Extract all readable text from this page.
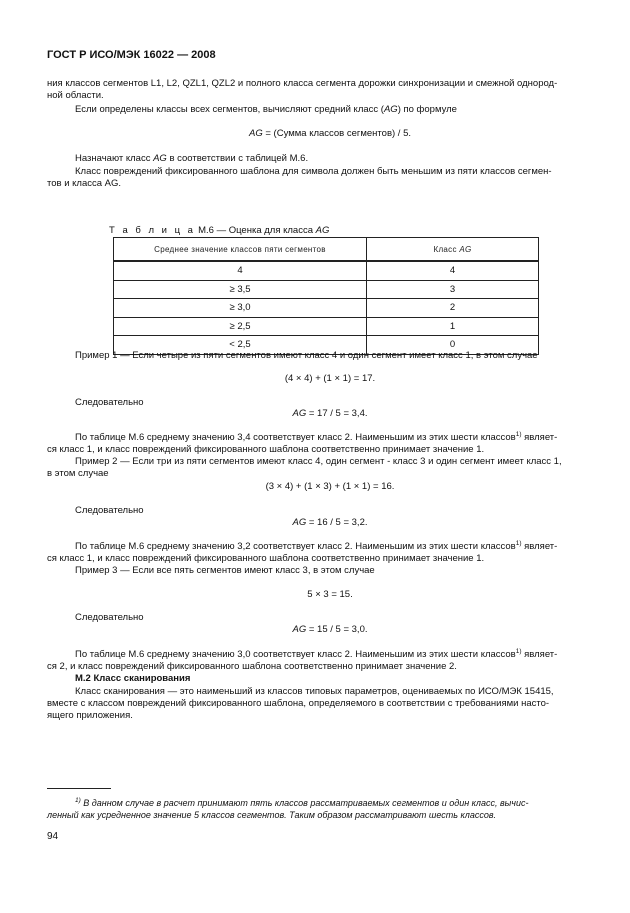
ГОСТ Р ИСО/МЭК 16022 — 2008
ния классов сегментов L1, L2, QZL1, QZL2 и полного класса сегмента дорожки синхронизации и смежной однород-
ной области.
Если определены классы всех сегментов, вычисляют средний класс (AG) по формуле
AG = (Сумма классов сегментов) / 5.
Назначают класс AG в соответствии с таблицей М.6.
Класс повреждений фиксированного шаблона для символа должен быть меньшим из пяти классов сегмен-
тов и класса AG.
Т а б л и ц а М.6 — Оценка для класса AG
Среднее значение классов пяти сегментов	Класс AG
4	4
≥ 3,5	3
≥ 3,0	2
≥ 2,5	1
< 2,5	0
Пример 1 — Если четыре из пяти сегментов имеют класс 4 и один сегмент имеет класс 1, в этом случае
(4 × 4) + (1 × 1) = 17.
Следовательно
AG = 17 / 5 = 3,4.
По таблице М.6 среднему значению 3,4 соответствует класс 2. Наименьшим из этих шести классов$^{1)}$ являет-
ся класс 1, и класс повреждений фиксированного шаблона соответственно принимает значение 1.
Пример 2 — Если три из пяти сегментов имеют класс 4, один сегмент - класс 3 и один сегмент имеет класс 1,
в этом случае
(3 × 4) + (1 × 3) + (1 × 1) = 16.
Следовательно
AG = 16 / 5 = 3,2.
По таблице М.6 среднему значению 3,2 соответствует класс 2. Наименьшим из этих шести классов$^{1)}$ являет-
ся класс 1, и класс повреждений фиксированного шаблона соответственно принимает значение 1.
Пример 3 — Если все пять сегментов имеют класс 3, в этом случае
5 × 3 = 15.
Следовательно
AG = 15 / 5 = 3,0.
По таблице М.6 среднему значению 3,0 соответствует класс 2. Наименьшим из этих шести классов$^{1)}$ являет-
ся 2, и класс повреждений фиксированного шаблона соответственно принимает значение 2.
М.2 Класс сканирования
Класс сканирования — это наименьший из классов типовых параметров, оцениваемых по ИСО/МЭК 15415,
вместе с классом повреждений фиксированного шаблона, определяемого в соответствии с требованиями насто-
ящего приложения.
$^{1)}$ В данном случае в расчет принимают пять классов рассматриваемых сегментов и один класс, вычис-
ленный как усредненное значение 5 классов сегментов. Таким образом рассматривают шесть классов.
94
